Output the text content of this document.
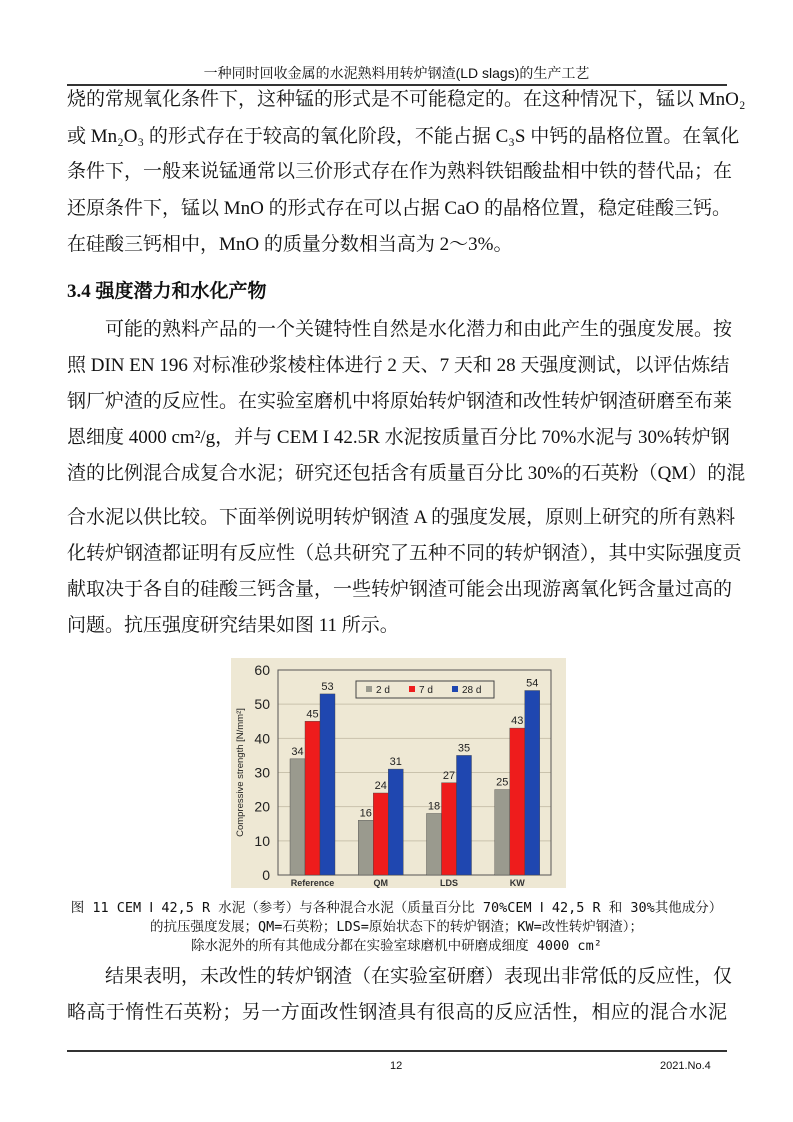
一种同时回收金属的水泥熟料用转炉钢渣(LD slags)的生产工艺
烧的常规氧化条件下，这种锰的形式是不可能稳定的。在这种情况下，锰以 MnO₂
或 Mn₂O₃ 的形式存在于较高的氧化阶段，不能占据 C₃S 中钙的晶格位置。在氧化
条件下，一般来说锰通常以三价形式存在作为熟料铁铝酸盐相中铁的替代品；在
还原条件下，锰以 MnO 的形式存在可以占据 CaO 的晶格位置，稳定硅酸三钙。
在硅酸三钙相中，MnO 的质量分数相当高为 2～3%。
3.4 强度潜力和水化产物
　　可能的熟料产品的一个关键特性自然是水化潜力和由此产生的强度发展。按
照 DIN EN 196 对标准砂浆棱柱体进行 2 天、7 天和 28 天强度测试，以评估炼结
钢厂炉渣的反应性。在实验室磨机中将原始转炉钢渣和改性转炉钢渣研磨至布莱
恩细度 4000 cm²/g，并与 CEM I 42.5R 水泥按质量百分比 70%水泥与 30%转炉钢
渣的比例混合成复合水泥；研究还包括含有质量百分比 30%的石英粉（QM）的混
合水泥以供比较。下面举例说明转炉钢渣 A 的强度发展，原则上研究的所有熟料
化转炉钢渣都证明有反应性（总共研究了五种不同的转炉钢渣），其中实际强度贡
献取决于各自的硅酸三钙含量，一些转炉钢渣可能会出现游离氧化钙含量过高的
问题。抗压强度研究结果如图 11 所示。
0
10
20
30
40
50
60
Compressive strength [N/mm²]	34
45
53
Reference
16
24
31
QM
18
27
35
LDS
25
43
54
KW
2 d	7 d	28 d
图 11 CEM Ⅰ 42,5 R 水泥（参考）与各种混合水泥（质量百分比 70%CEM Ⅰ 42,5 R 和 30%其他成分）
的抗压强度发展；QM=石英粉；LDS=原始状态下的转炉钢渣；KW=改性转炉钢渣）；
除水泥外的所有其他成分都在实验室球磨机中研磨成细度 4000 cm²
　　结果表明，未改性的转炉钢渣（在实验室研磨）表现出非常低的反应性，仅
略高于惰性石英粉；另一方面改性钢渣具有很高的反应活性，相应的混合水泥
12	2021.No.4
